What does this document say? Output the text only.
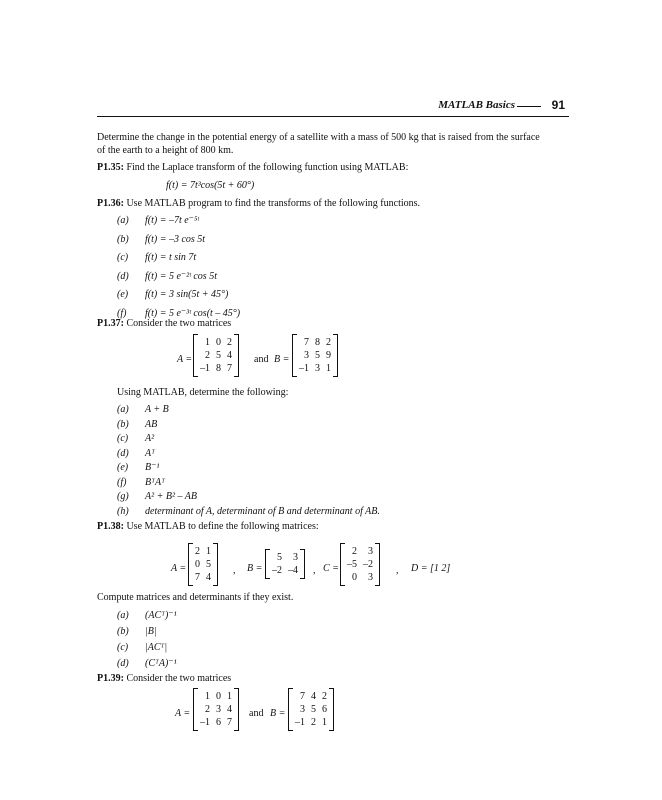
MATLAB Basics	91
Determine the change in the potential energy of a satellite with a mass of 500 kg that is raised from the surface
of the earth to a height of 800 km.
P1.35: Find the Laplace transform of the following function using MATLAB:
f(t) = 7t³cos(5t + 60°)
P1.36: Use MATLAB program to find the transforms of the following functions.
(a) f(t) = –7t e⁻⁵ᵗ
(b) f(t) = –3 cos 5t
(c) f(t) = t sin 7t
(d) f(t) = 5 e⁻²ᵗ cos 5t
(e) f(t) = 3 sin(5t + 45°)
(f) f(t) = 5 e⁻³ᵗ cos(t – 45°)
P1.37: Consider the two matrices
A =
1	0	2
2	5	4
–1	8	7
and B =
7	8	2
3	5	9
–1	3	1
Using MATLAB, determine the following:
(a) A + B
(b) AB
(c) A²
(d) Aᵀ
(e) B⁻¹
(f) BᵀAᵀ
(g) A² + B² – AB
(h) determinant of A, determinant of B and determinant of AB.
P1.38: Use MATLAB to define the following matrices:
A =
2	1
0	5
7	4
, B =
5	3
–2	–4 , C =
2	3
–5	–2
0	3
, D = [1 2]
Compute matrices and determinants if they exist.
(a) (ACᵀ)⁻¹
(b) |B|
(c) |ACᵀ|
(d) (CᵀA)⁻¹
P1.39: Consider the two matrices
A =
1	0	1
2	3	4
–1	6	7
and B =
7	4	2
3	5	6
–1	2	1
